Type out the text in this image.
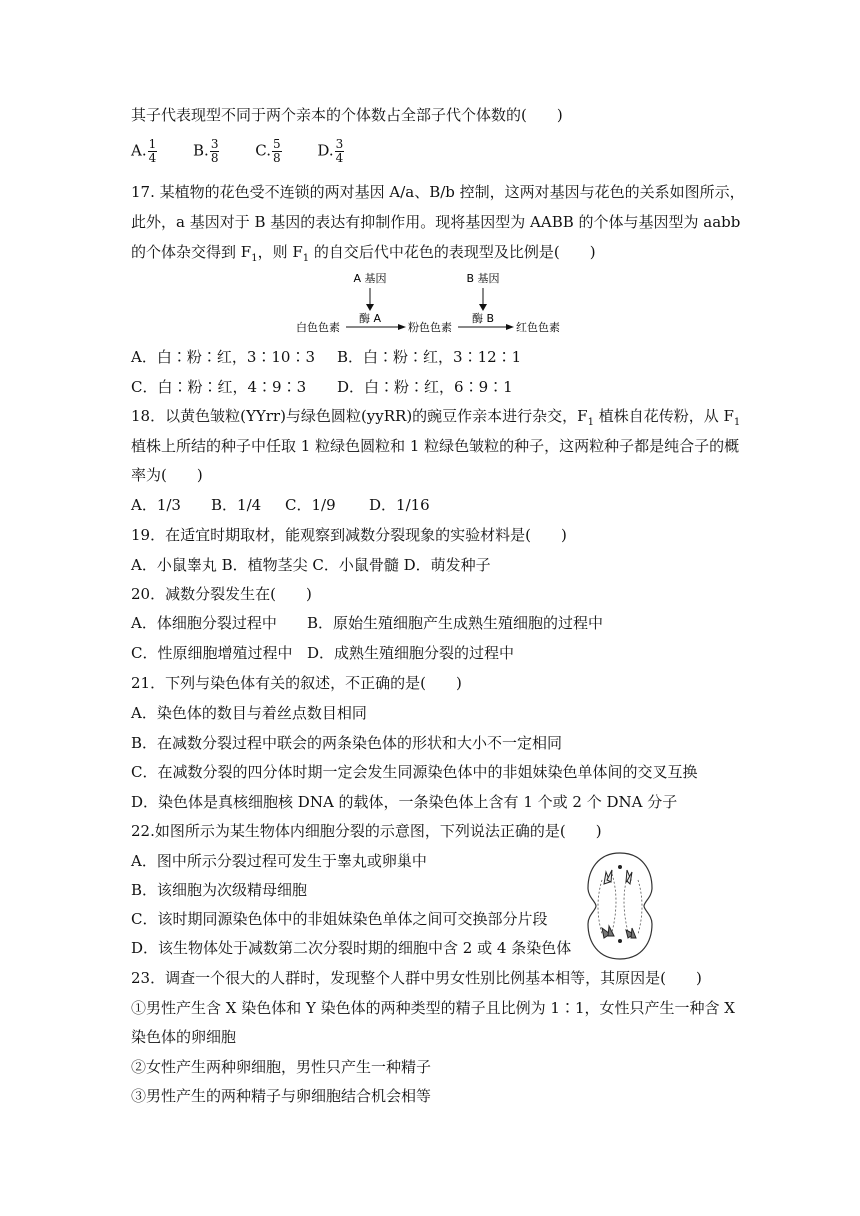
其子代表现型不同于两个亲本的个体数占全部子代个体数的(　　)
A. $\frac{1}{4} B$. $\frac{3}{8} C$. $\frac{5}{8} D$. $\frac{3}{4}$
17. 某植物的花色受不连锁的两对基因 A/a、B/b 控制，这两对基因与花色的关系如图所示，
此外，a 基因对于 B 基因的表达有抑制作用。现将基因型为 AABB 的个体与基因型为 aabb
的个体杂交得到 $F_1$，则 $F_1$ 的自交后代中花色的表现型及比例是(　　)
A 基因	B 基因
酶 A	酶 B
白色色素	粉色色素	红色色素
A．白∶粉∶红，3∶10∶3 B．白∶粉∶红，3∶12∶1
C．白∶粉∶红，4∶9∶3 D．白∶粉∶红，6∶9∶1
18．以黄色皱粒(YYrr)与绿色圆粒(yyRR)的豌豆作亲本进行杂交，$F_1$ 植株自花传粉，从 $F_1$
植株上所结的种子中任取 1 粒绿色圆粒和 1 粒绿色皱粒的种子，这两粒种子都是纯合子的概
率为(　　)
A．1/3 B．1/4 C．1/9 D．1/16
19．在适宜时期取材，能观察到减数分裂现象的实验材料是(　　)
A．小鼠睾丸 B．植物茎尖 C．小鼠骨髓 D．萌发种子
20．减数分裂发生在(　　)
A．体细胞分裂过程中 B．原始生殖细胞产生成熟生殖细胞的过程中
C．性原细胞增殖过程中 D．成熟生殖细胞分裂的过程中
21．下列与染色体有关的叙述，不正确的是(　　)
A．染色体的数目与着丝点数目相同
B．在减数分裂过程中联会的两条染色体的形状和大小不一定相同
C．在减数分裂的四分体时期一定会发生同源染色体中的非姐妹染色单体间的交叉互换
D．染色体是真核细胞核 DNA 的载体，一条染色体上含有 1 个或 2 个 DNA 分子
22.如图所示为某生物体内细胞分裂的示意图，下列说法正确的是(　　)
A．图中所示分裂过程可发生于睾丸或卵巢中
B．该细胞为次级精母细胞
C．该时期同源染色体中的非姐妹染色单体之间可交换部分片段
D．该生物体处于减数第二次分裂时期的细胞中含 2 或 4 条染色体
23．调查一个很大的人群时，发现整个人群中男女性别比例基本相等，其原因是(　　)
①男性产生含 X 染色体和 Y 染色体的两种类型的精子且比例为 1∶1，女性只产生一种含 X
染色体的卵细胞
②女性产生两种卵细胞，男性只产生一种精子
③男性产生的两种精子与卵细胞结合机会相等
